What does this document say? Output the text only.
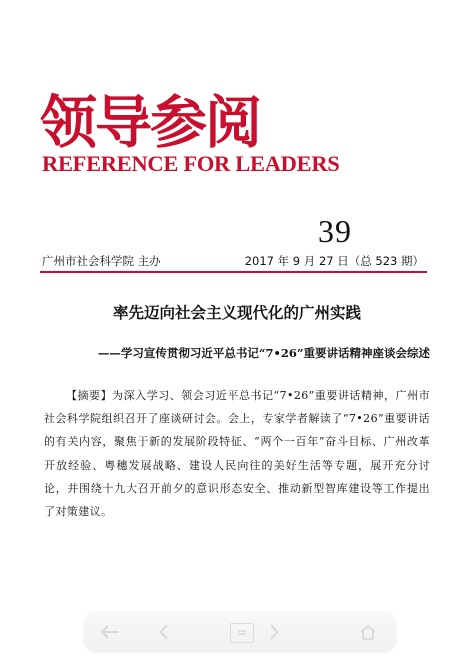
领导参阅
REFERENCE FOR LEADERS
39
广州市社会科学院 主办	2017 年 9 月 27 日（总 523 期）
率先迈向社会主义现代化的广州实践
——学习宣传贯彻习近平总书记“7•26”重要讲话精神座谈会综述
【摘要】为深入学习、领会习近平总书记“7•26”重要讲话精神，广州市社会科学院组织召开了座谈研讨会。会上，专家学者解读了“7•26”重要讲话的有关内容，聚焦于新的发展阶段特征、“两个一百年”奋斗目标、广州改革开放经验、粤穗发展战略、建设人民向往的美好生活等专题，展开充分讨论，并围绕十九大召开前夕的意识形态安全、推动新型智库建设等工作提出了对策建议。
